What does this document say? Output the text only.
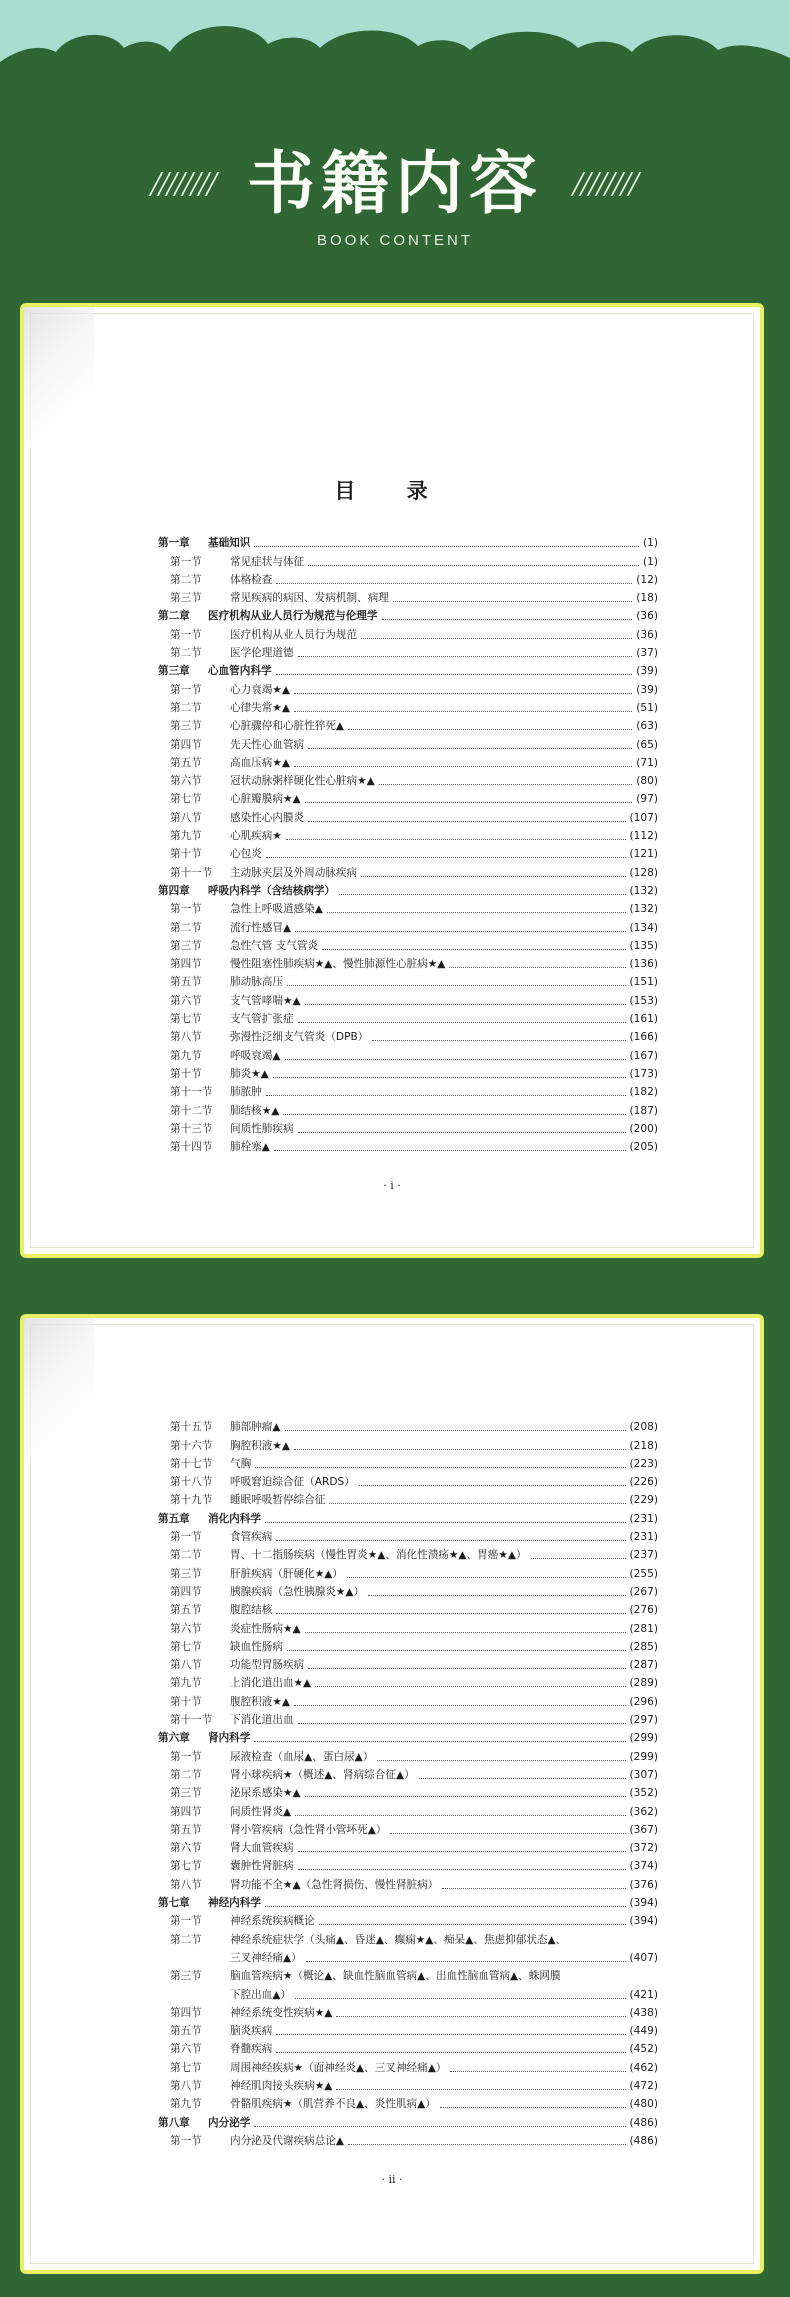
书籍内容
BOOK CONTENT
目 录
第一章	基础知识	(1)
第一节	常见症状与体征	(1)
第二节	体格检查	(12)
第三节	常见疾病的病因、发病机制、病理	(18)
第二章	医疗机构从业人员行为规范与伦理学	(36)
第一节	医疗机构从业人员行为规范	(36)
第二节	医学伦理道德	(37)
第三章	心血管内科学	(39)
第一节	心力衰竭★▲	(39)
第二节	心律失常★▲	(51)
第三节	心脏骤停和心脏性猝死▲	(63)
第四节	先天性心血管病	(65)
第五节	高血压病★▲	(71)
第六节	冠状动脉粥样硬化性心脏病★▲	(80)
第七节	心脏瓣膜病★▲	(97)
第八节	感染性心内膜炎	(107)
第九节	心肌疾病★	(112)
第十节	心包炎	(121)
第十一节	主动脉夹层及外周动脉疾病	(128)
第四章	呼吸内科学（含结核病学）	(132)
第一节	急性上呼吸道感染▲	(132)
第二节	流行性感冒▲	(134)
第三节	急性气管 支气管炎	(135)
第四节	慢性阻塞性肺疾病★▲、慢性肺源性心脏病★▲	(136)
第五节	肺动脉高压	(151)
第六节	支气管哮喘★▲	(153)
第七节	支气管扩张症	(161)
第八节	弥漫性泛细支气管炎（DPB）	(166)
第九节	呼吸衰竭▲	(167)
第十节	肺炎★▲	(173)
第十一节	肺脓肿	(182)
第十二节	肺结核★▲	(187)
第十三节	间质性肺疾病	(200)
第十四节	肺栓塞▲	(205)
· i ·
第十五节	肺部肿瘤▲	(208)
第十六节	胸腔积液★▲	(218)
第十七节	气胸	(223)
第十八节	呼吸窘迫综合征（ARDS）	(226)
第十九节	睡眠呼吸暂停综合征	(229)
第五章	消化内科学	(231)
第一节	食管疾病	(231)
第二节	胃、十二指肠疾病（慢性胃炎★▲、消化性溃疡★▲、胃癌★▲）	(237)
第三节	肝脏疾病（肝硬化★▲）	(255)
第四节	胰腺疾病（急性胰腺炎★▲）	(267)
第五节	腹腔结核	(276)
第六节	炎症性肠病★▲	(281)
第七节	缺血性肠病	(285)
第八节	功能型胃肠疾病	(287)
第九节	上消化道出血★▲	(289)
第十节	腹腔积液★▲	(296)
第十一节	下消化道出血	(297)
第六章	肾内科学	(299)
第一节	尿液检查（血尿▲、蛋白尿▲）	(299)
第二节	肾小球疾病★（概述▲、肾病综合征▲）	(307)
第三节	泌尿系感染★▲	(352)
第四节	间质性肾炎▲	(362)
第五节	肾小管疾病（急性肾小管坏死▲）	(367)
第六节	肾大血管疾病	(372)
第七节	囊肿性肾脏病	(374)
第八节	肾功能不全★▲（急性肾损伤、慢性肾脏病）	(376)
第七章	神经内科学	(394)
第一节	神经系统疾病概论	(394)
第二节	神经系统症状学（头痛▲、昏迷▲、癫痫★▲、痴呆▲、焦虑抑郁状态▲、
三叉神经痛▲）	(407)
第三节	脑血管疾病★（概论▲、缺血性脑血管病▲、出血性脑血管病▲、蛛网膜
下腔出血▲）	(421)
第四节	神经系统变性疾病★▲	(438)
第五节	脑炎疾病	(449)
第六节	脊髓疾病	(452)
第七节	周围神经疾病★（面神经炎▲、三叉神经痛▲）	(462)
第八节	神经肌肉接头疾病★▲	(472)
第九节	骨骼肌疾病★（肌营养不良▲、炎性肌病▲）	(480)
第八章	内分泌学	(486)
第一节	内分泌及代谢疾病总论▲	(486)
· ii ·
